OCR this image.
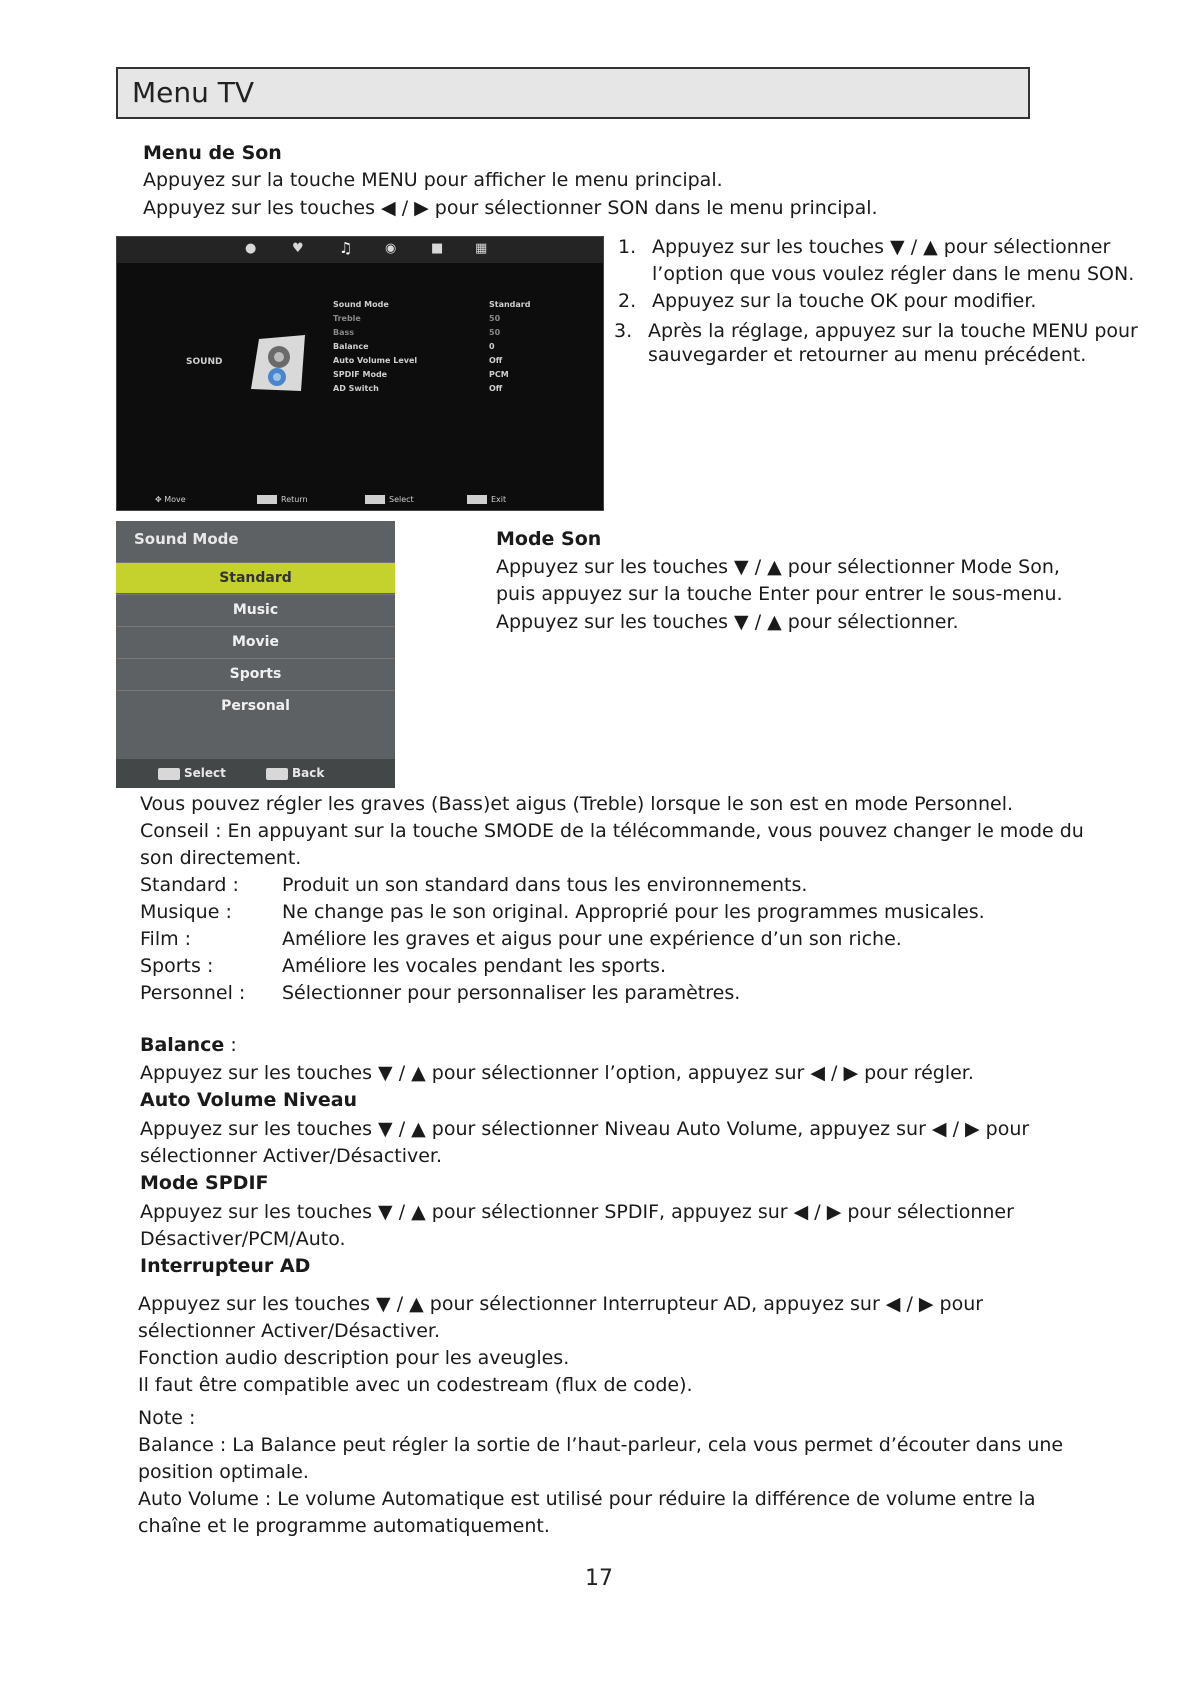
Menu TV
Menu de Son
Appuyez sur la touche MENU pour afficher le menu principal.
Appuyez sur les touches ◀ / ▶ pour sélectionner SON dans le menu principal.
●	♥ ♫	◉	■ ▦
SOUND
Sound Mode	Standard
Treble	50
Bass	50
Balance	0
Auto Volume Level	Off
SPDIF Mode	PCM
AD Switch	Off
✥ Move	Return	Select	Exit
1. Appuyez sur les touches ▼ / ▲ pour sélectionner
l’option que vous voulez régler dans le menu SON.
2. Appuyez sur la touche OK pour modifier.
3. Après la réglage, appuyez sur la touche MENU pour
sauvegarder et retourner au menu précédent.
Sound Mode
Standard
Music
Movie
Sports
Personal
Select	Back
Mode Son
Appuyez sur les touches ▼ / ▲ pour sélectionner Mode Son,
puis appuyez sur la touche Enter pour entrer le sous-menu.
Appuyez sur les touches ▼ / ▲ pour sélectionner.
Vous pouvez régler les graves (Bass)et aigus (Treble) lorsque le son est en mode Personnel.
Conseil : En appuyant sur la touche SMODE de la télécommande, vous pouvez changer le mode du
son directement.
Standard : Produit un son standard dans tous les environnements.
Musique :	Ne change pas le son original. Approprié pour les programmes musicales.
Film :	Améliore les graves et aigus pour une expérience d’un son riche.
Sports :	Améliore les vocales pendant les sports.
Personnel : Sélectionner pour personnaliser les paramètres.
Balance :
Appuyez sur les touches ▼ / ▲ pour sélectionner l’option, appuyez sur ◀ / ▶ pour régler.
Auto Volume Niveau
Appuyez sur les touches ▼ / ▲ pour sélectionner Niveau Auto Volume, appuyez sur ◀ / ▶ pour
sélectionner Activer/Désactiver.
Mode SPDIF
Appuyez sur les touches ▼ / ▲ pour sélectionner SPDIF, appuyez sur ◀ / ▶ pour sélectionner
Désactiver/PCM/Auto.
Interrupteur AD
Appuyez sur les touches ▼ / ▲ pour sélectionner Interrupteur AD, appuyez sur ◀ / ▶ pour
sélectionner Activer/Désactiver.
Fonction audio description pour les aveugles.
Il faut être compatible avec un codestream (flux de code).
Note :
Balance : La Balance peut régler la sortie de l’haut-parleur, cela vous permet d’écouter dans une
position optimale.
Auto Volume : Le volume Automatique est utilisé pour réduire la différence de volume entre la
chaîne et le programme automatiquement.
17
